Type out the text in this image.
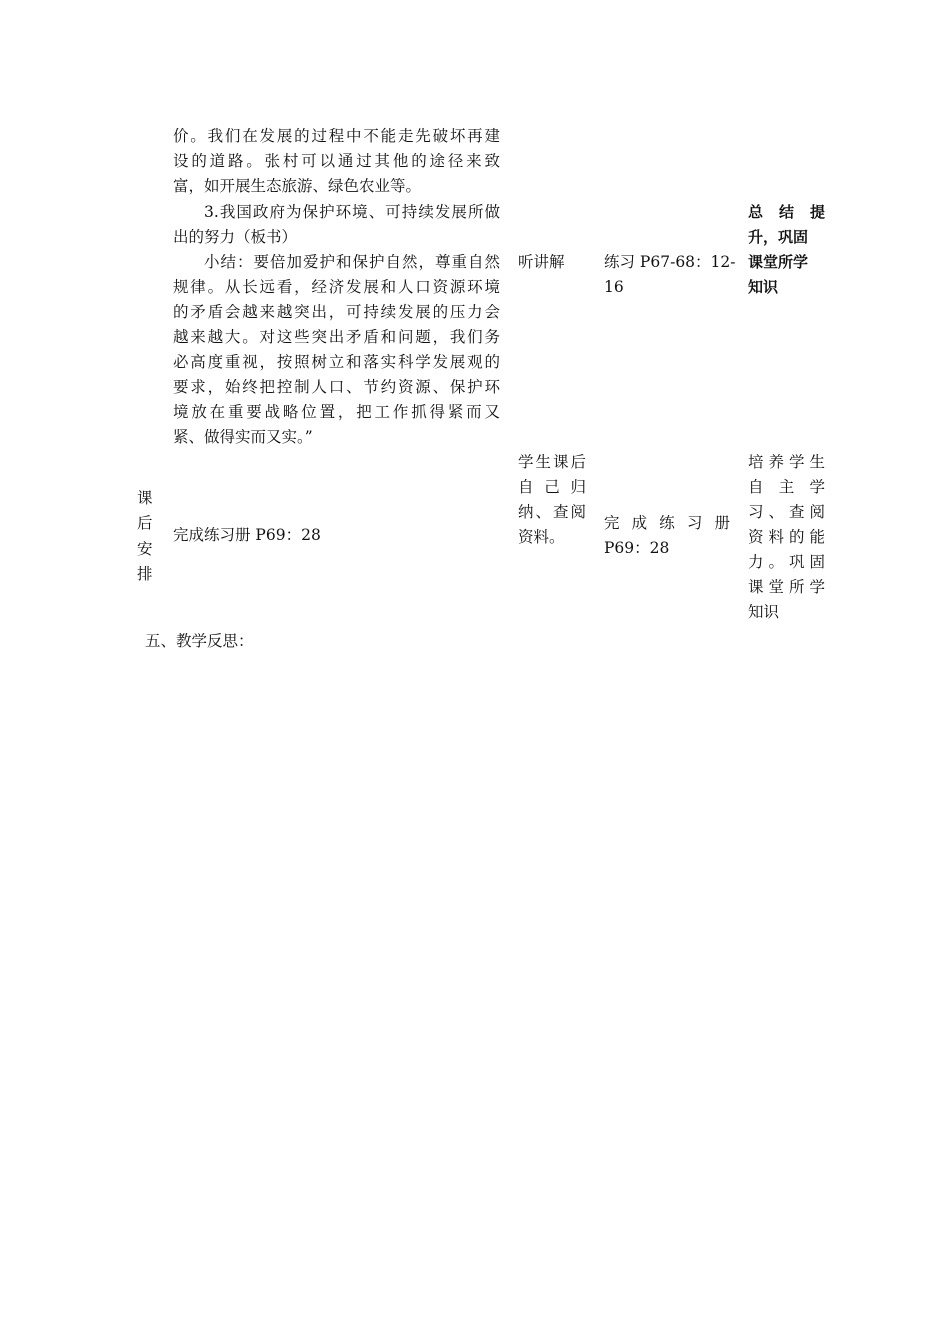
价。我们在发展的过程中不能走先破坏再建
设的道路。张村可以通过其他的途径来致
富，如开展生态旅游、绿色农业等。
3.我国政府为保护环境、可持续发展所做
出的努力（板书）
小结：要倍加爱护和保护自然，尊重自然
规律。从长远看，经济发展和人口资源环境
的矛盾会越来越突出，可持续发展的压力会
越来越大。对这些突出矛盾和问题，我们务
必高度重视，按照树立和落实科学发展观的
要求，始终把控制人口、节约资源、保护环
境放在重要战略位置，把工作抓得紧而又
紧、做得实而又实。”
听讲解	练习 P67-68：12-
16
总 结 提
升，巩固
课堂所学
知识
课
后
安
排
完成练习册 P69：28
学生课后
自 己 归
纳、查阅
资料。
完 成 练 习 册
P69：28
培养学生
自 主 学
习、查阅
资料的能
力。巩固
课堂所学
知识
五、教学反思：
